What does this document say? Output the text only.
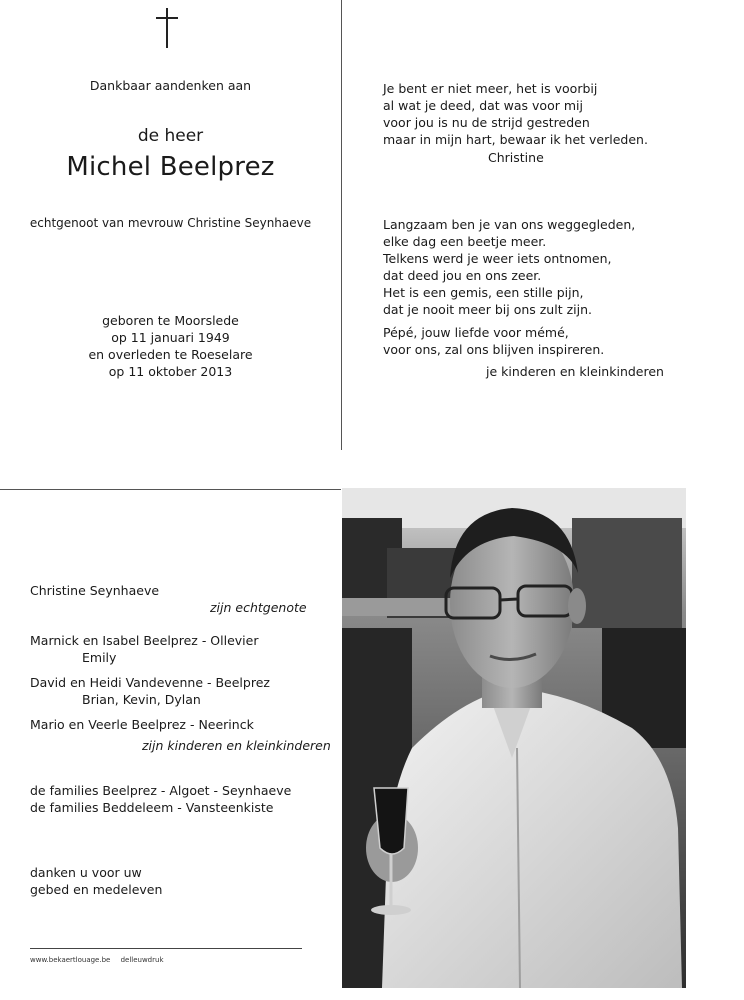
Dankbaar aandenken aan
de heer
Michel Beelprez
echtgenoot van mevrouw Christine Seynhaeve
geboren te Moorslede
op 11 januari 1949
en overleden te Roeselare
op 11 oktober 2013
Je bent er niet meer, het is voorbij
al wat je deed, dat was voor mij
voor jou is nu de strijd gestreden
maar in mijn hart, bewaar ik het verleden.
Christine
Langzaam ben je van ons weggegleden,
elke dag een beetje meer.
Telkens werd je weer iets ontnomen,
dat deed jou en ons zeer.
Het is een gemis, een stille pijn,
dat je nooit meer bij ons zult zijn.
Pépé, jouw liefde voor mémé,
voor ons, zal ons blijven inspireren.
je kinderen en kleinkinderen
Christine Seynhaeve
zijn echtgenote
Marnick en Isabel Beelprez - Ollevier
Emily
David en Heidi Vandevenne - Beelprez
Brian, Kevin, Dylan
Mario en Veerle Beelprez - Neerinck
zijn kinderen en kleinkinderen
de families Beelprez - Algoet - Seynhaeve
de families Beddeleem - Vansteenkiste
danken u voor uw
gebed en medeleven
www.bekaertlouage.be delleuwdruk
